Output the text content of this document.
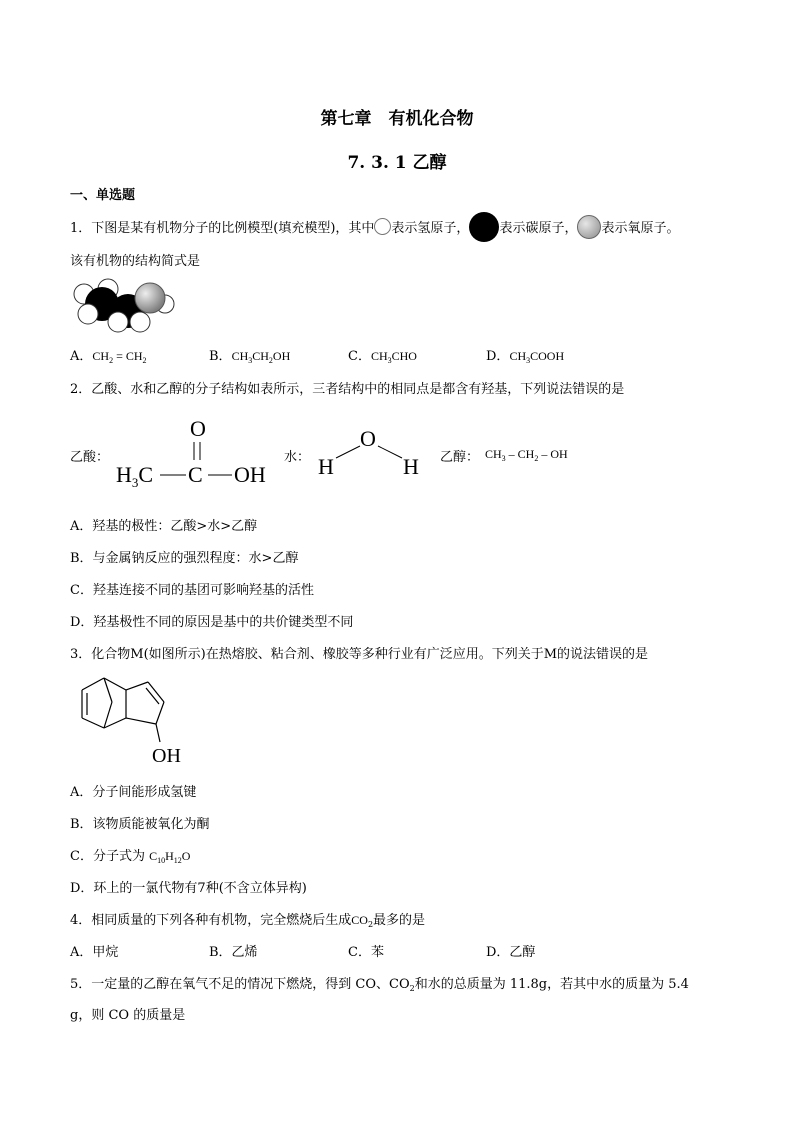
第七章　有机化合物
7. 3. 1 乙醇
一、单选题
1．下图是某有机物分子的比例模型(填充模型)，其中 表示氢原子， 表示碳原子， 表示氧原子。
该有机物的结构简式是
A．$CH_2 = CH_2$	B．$CH_3CH_2OH$	C．$CH_3CHO$	D．$CH_3COOH$
2．乙酸、水和乙醇的分子结构如表所示，三者结构中的相同点是都含有羟基，下列说法错误的是
乙酸：
O
$H_3C$ C OH
水：
O
H	H 乙醇： $CH_3 - CH_2$ – OH
A．羟基的极性：乙酸>水>乙醇
B．与金属钠反应的强烈程度：水>乙醇
C．羟基连接不同的基团可影响羟基的活性
D．羟基极性不同的原因是基中的共价键类型不同
3．化合物M(如图所示)在热熔胶、粘合剂、橡胶等多种行业有广泛应用。下列关于M的说法错误的是
OH
A．分子间能形成氢键
B．该物质能被氧化为酮
C．分子式为 $C_{10}H_{12}O$
D．环上的一氯代物有7种(不含立体异构)
4．相同质量的下列各种有机物，完全燃烧后生成$CO_2$最多的是
A．甲烷	B．乙烯	C．苯	D．乙醇
5．一定量的乙醇在氧气不足的情况下燃烧，得到 CO、$CO_2$和水的总质量为 11.8g，若其中水的质量为 5.4
g，则 CO 的质量是
